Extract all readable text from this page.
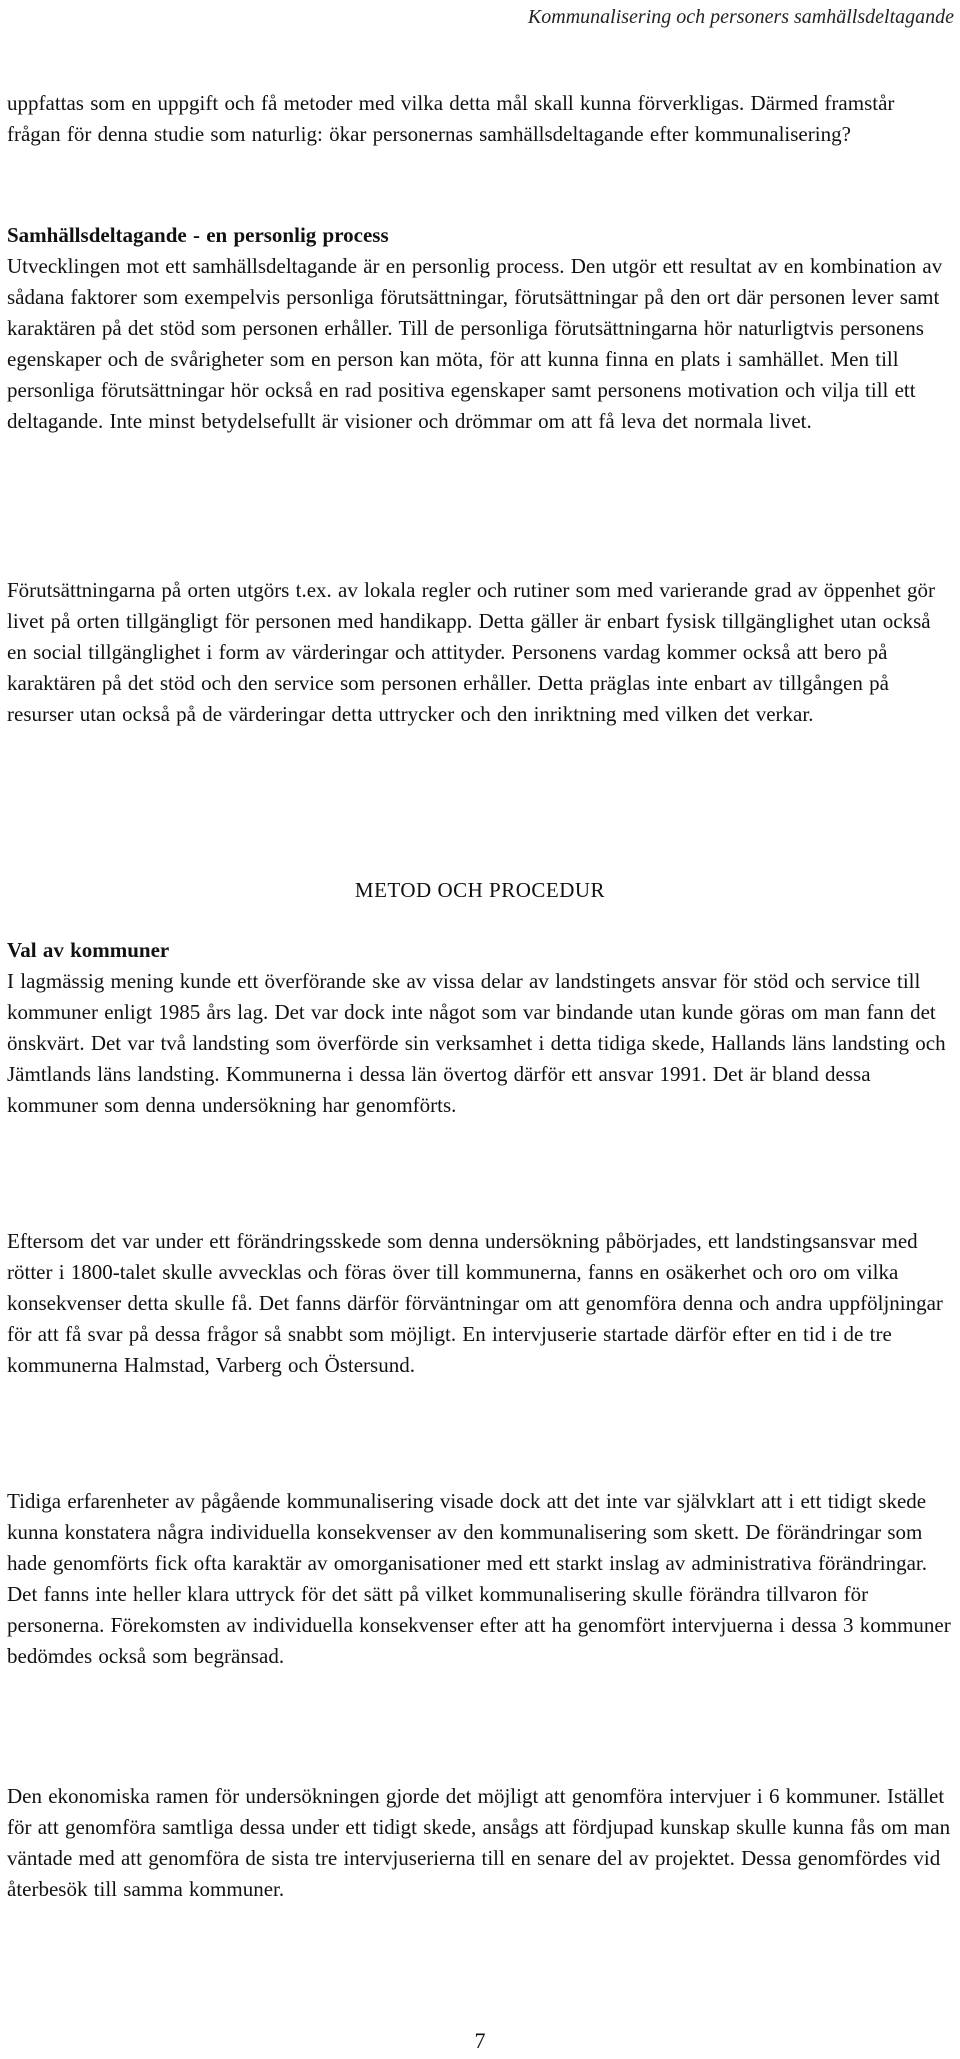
Kommunalisering och personers samhällsdeltagande

uppfattas som en uppgift och få metoder med vilka detta mål skall kunna förverkligas. Därmed framstår frågan för denna studie som naturlig: ökar personernas samhällsdeltagande efter kommunalisering?

Samhällsdeltagande - en personlig process

Utvecklingen mot ett samhällsdeltagande är en personlig process. Den utgör ett resultat av en kombination av sådana faktorer som exempelvis personliga förutsättningar, förutsättningar på den ort där personen lever samt karaktären på det stöd som personen erhåller. Till de personliga förutsättningarna hör naturligtvis personens egenskaper och de svårigheter som en person kan möta, för att kunna finna en plats i samhället. Men till personliga förutsättningar hör också en rad positiva egenskaper samt personens motivation och vilja till ett deltagande. Inte minst betydelsefullt är visioner och drömmar om att få leva det normala livet.

Förutsättningarna på orten utgörs t.ex. av lokala regler och rutiner som med varierande grad av öppenhet gör livet på orten tillgängligt för personen med handikapp. Detta gäller är enbart fysisk tillgänglighet utan också en social tillgänglighet i form av värderingar och attityder. Personens vardag kommer också att bero på karaktären på det stöd och den service som personen erhåller. Detta präglas inte enbart av tillgången på resurser utan också på de värderingar detta uttrycker och den inriktning med vilken det verkar.

METOD OCH PROCEDUR

Val av kommuner

I lagmässig mening kunde ett överförande ske av vissa delar av landstingets ansvar för stöd och service till kommuner enligt 1985 års lag. Det var dock inte något som var bindande utan kunde göras om man fann det önskvärt. Det var två landsting som överförde sin verksamhet i detta tidiga skede, Hallands läns landsting och Jämtlands läns landsting. Kommunerna i dessa län övertog därför ett ansvar 1991. Det är bland dessa kommuner som denna undersökning har genomförts.

Eftersom det var under ett förändringsskede som denna undersökning påbörjades, ett landstingsansvar med rötter i 1800-talet skulle avvecklas och föras över till kommunerna, fanns en osäkerhet och oro om vilka konsekvenser detta skulle få. Det fanns därför förväntningar om att genomföra denna och andra uppföljningar för att få svar på dessa frågor så snabbt som möjligt. En intervjuserie startade därför efter en tid i de tre kommunerna Halmstad, Varberg och Östersund.

Tidiga erfarenheter av pågående kommunalisering visade dock att det inte var självklart att i ett tidigt skede kunna konstatera några individuella konsekvenser av den kommunalisering som skett. De förändringar som hade genomförts fick ofta karaktär av omorganisationer med ett starkt inslag av administrativa förändringar. Det fanns inte heller klara uttryck för det sätt på vilket kommunalisering skulle förändra tillvaron för personerna. Förekomsten av individuella konsekvenser efter att ha genomfört intervjuerna i dessa 3 kommuner bedömdes också som begränsad.

Den ekonomiska ramen för undersökningen gjorde det möjligt att genomföra intervjuer i 6 kommuner. Istället för att genomföra samtliga dessa under ett tidigt skede, ansågs att fördjupad kunskap skulle kunna fås om man väntade med att genomföra de sista tre intervjuserierna till en senare del av projektet. Dessa genomfördes vid återbesök till samma kommuner.

7
